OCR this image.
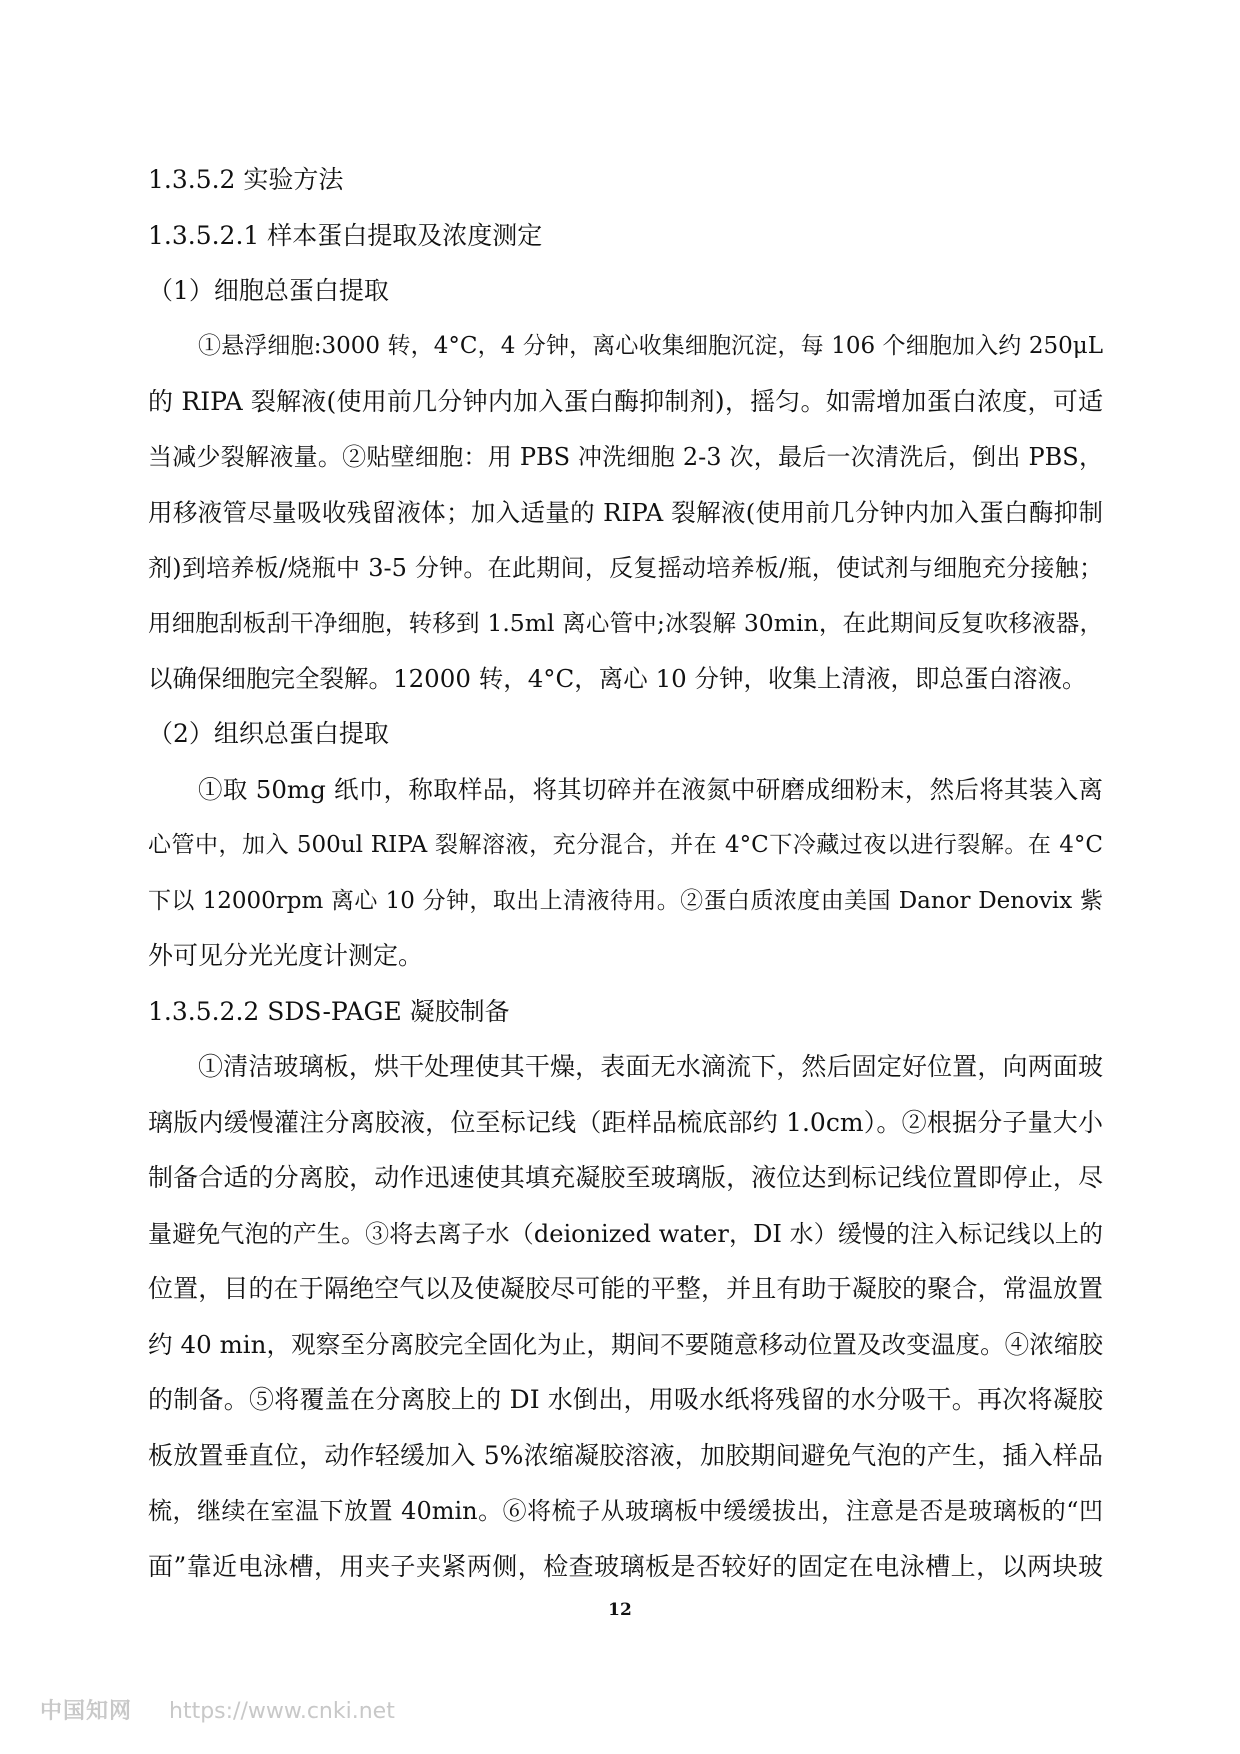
1.3.5.2 实验方法
1.3.5.2.1 样本蛋白提取及浓度测定
（1）细胞总蛋白提取
①悬浮细胞:3000 转，4°C，4 分钟，离心收集细胞沉淀，每 106 个细胞加入约 250μL
的 RIPA 裂解液(使用前几分钟内加入蛋白酶抑制剂)，摇匀。如需增加蛋白浓度，可适
当减少裂解液量。②贴壁细胞：用 PBS 冲洗细胞 2-3 次，最后一次清洗后，倒出 PBS，
用移液管尽量吸收残留液体；加入适量的 RIPA 裂解液(使用前几分钟内加入蛋白酶抑制
剂)到培养板/烧瓶中 3-5 分钟。在此期间，反复摇动培养板/瓶，使试剂与细胞充分接触；
用细胞刮板刮干净细胞，转移到 1.5ml 离心管中;冰裂解 30min，在此期间反复吹移液器，
以确保细胞完全裂解。12000 转，4°C，离心 10 分钟，收集上清液，即总蛋白溶液。
（2）组织总蛋白提取
①取 50mg 纸巾，称取样品，将其切碎并在液氮中研磨成细粉末，然后将其装入离
心管中，加入 500ul RIPA 裂解溶液，充分混合，并在 4°C下冷藏过夜以进行裂解。在 4°C
下以 12000rpm 离心 10 分钟，取出上清液待用。②蛋白质浓度由美国 Danor Denovix 紫
外可见分光光度计测定。
1.3.5.2.2 SDS-PAGE 凝胶制备
①清洁玻璃板，烘干处理使其干燥，表面无水滴流下，然后固定好位置，向两面玻
璃版内缓慢灌注分离胶液，位至标记线（距样品梳底部约 1.0cm）。②根据分子量大小
制备合适的分离胶，动作迅速使其填充凝胶至玻璃版，液位达到标记线位置即停止，尽
量避免气泡的产生。③将去离子水（deionized water，DI 水）缓慢的注入标记线以上的
位置，目的在于隔绝空气以及使凝胶尽可能的平整，并且有助于凝胶的聚合，常温放置
约 40 min，观察至分离胶完全固化为止，期间不要随意移动位置及改变温度。④浓缩胶
的制备。⑤将覆盖在分离胶上的 DI 水倒出，用吸水纸将残留的水分吸干。再次将凝胶
板放置垂直位，动作轻缓加入 5%浓缩凝胶溶液，加胶期间避免气泡的产生，插入样品
梳，继续在室温下放置 40min。⑥将梳子从玻璃板中缓缓拔出，注意是否是玻璃板的“凹
面”靠近电泳槽，用夹子夹紧两侧，检查玻璃板是否较好的固定在电泳槽上，以两块玻
12
中国知网 https://www.cnki.net
